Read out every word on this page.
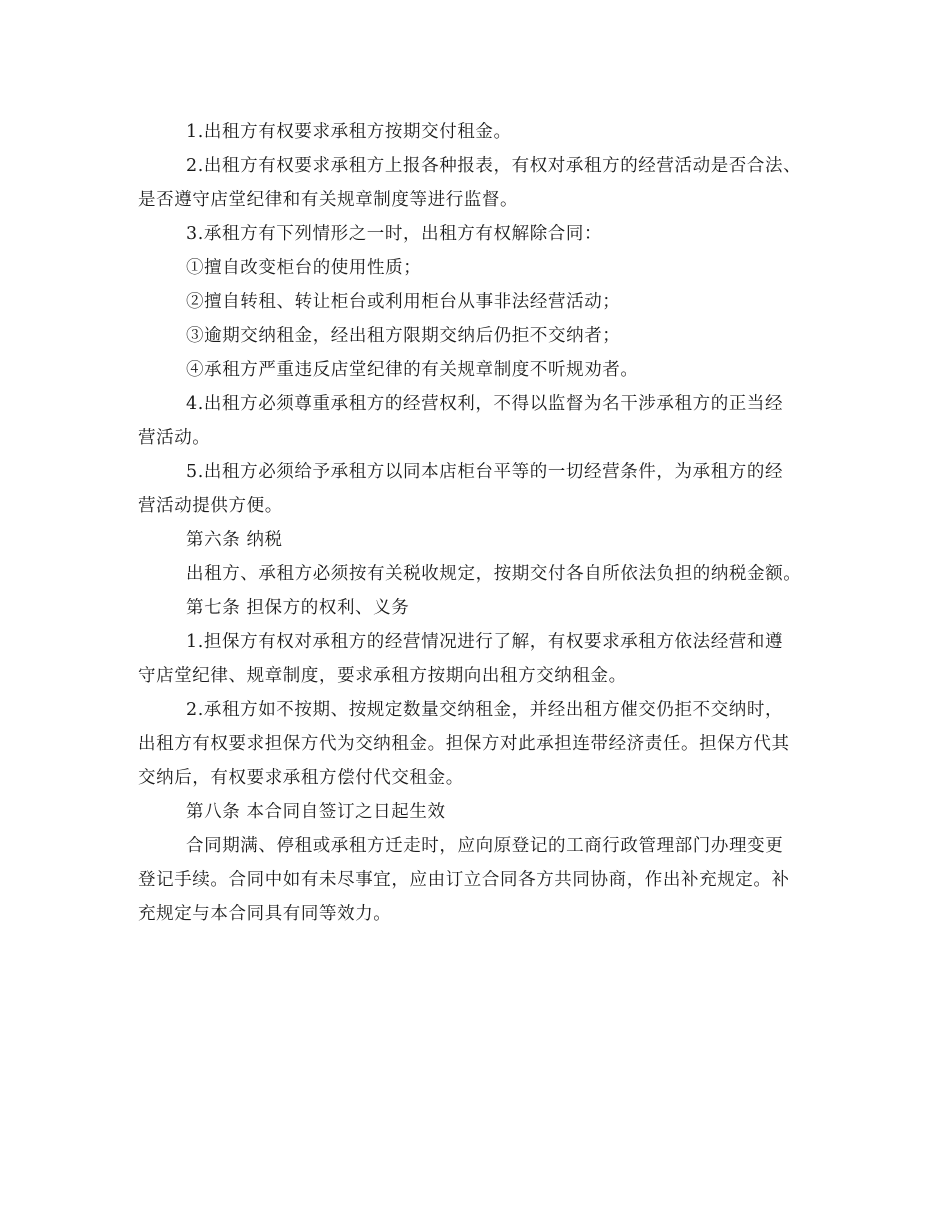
1.出租方有权要求承租方按期交付租金。
2.出租方有权要求承租方上报各种报表，有权对承租方的经营活动是否合法、
是否遵守店堂纪律和有关规章制度等进行监督。
3.承租方有下列情形之一时，出租方有权解除合同：
①擅自改变柜台的使用性质；
②擅自转租、转让柜台或利用柜台从事非法经营活动；
③逾期交纳租金，经出租方限期交纳后仍拒不交纳者；
④承租方严重违反店堂纪律的有关规章制度不听规劝者。
4.出租方必须尊重承租方的经营权利，不得以监督为名干涉承租方的正当经
营活动。
5.出租方必须给予承租方以同本店柜台平等的一切经营条件，为承租方的经
营活动提供方便。
第六条 纳税
出租方、承租方必须按有关税收规定，按期交付各自所依法负担的纳税金额。
第七条 担保方的权利、义务
1.担保方有权对承租方的经营情况进行了解，有权要求承租方依法经营和遵
守店堂纪律、规章制度，要求承租方按期向出租方交纳租金。
2.承租方如不按期、按规定数量交纳租金，并经出租方催交仍拒不交纳时，
出租方有权要求担保方代为交纳租金。担保方对此承担连带经济责任。担保方代其
交纳后，有权要求承租方偿付代交租金。
第八条 本合同自签订之日起生效
合同期满、停租或承租方迁走时，应向原登记的工商行政管理部门办理变更
登记手续。合同中如有未尽事宜，应由订立合同各方共同协商，作出补充规定。补
充规定与本合同具有同等效力。
